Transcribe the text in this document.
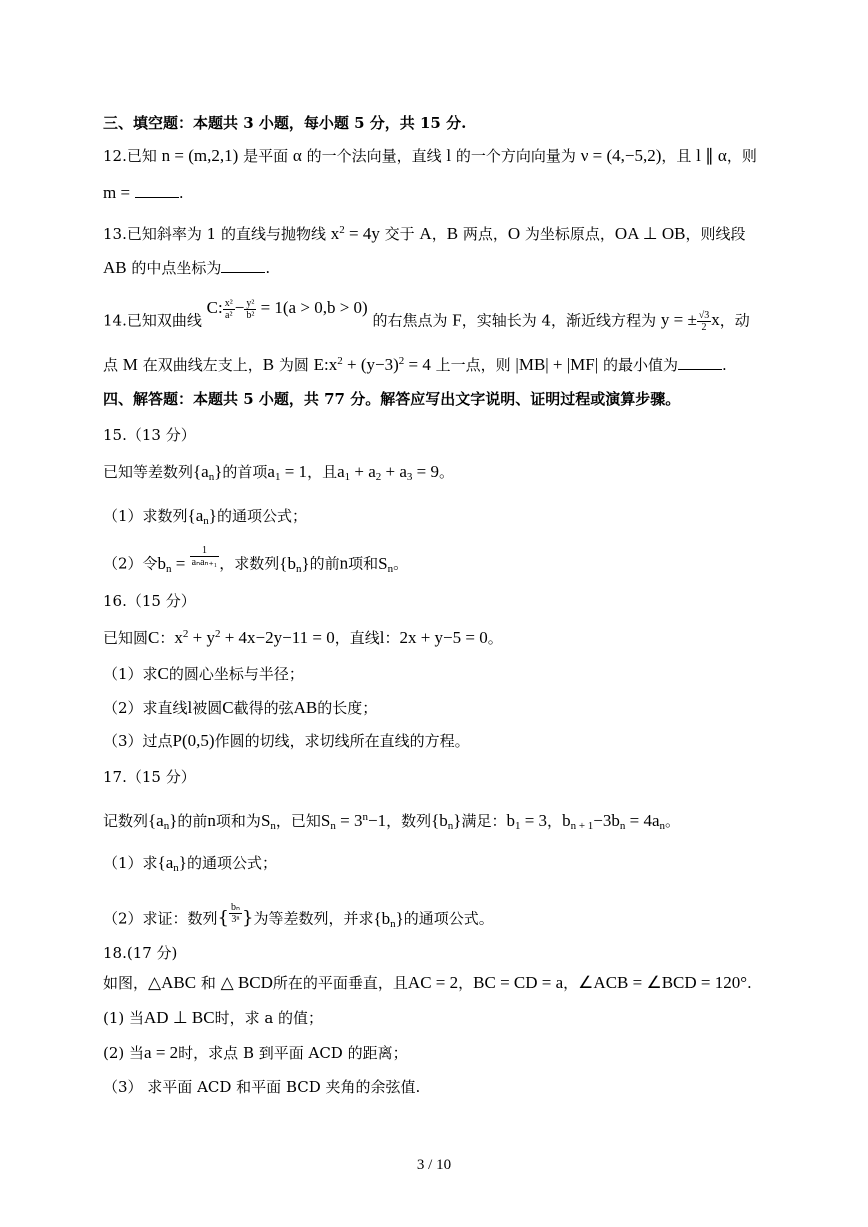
三、填空题：本题共 3 小题，每小题 5 分，共 15 分.
12.已知 n = (m,2,1) 是平面 α 的一个法向量，直线 l 的一个方向向量为 ν = (4,−5,2)，且 l ∥ α，则
m =	.
13.已知斜率为 1 的直线与抛物线 $x^2 = 4y$ 交于 A，B 两点，O 为坐标原点，OA ⊥ OB，则线段
AB 的中点坐标为	.
14.已知双曲线 C: $\frac{\text{x²}}{\text{a²}} - \frac{\text{y²}}{\text{b²}} = 1(a > 0,b > 0)$ 的右焦点为 F，实轴长为 4，渐近线方程为 y = ± $\frac{√3}{2}$ x，动
点 M 在双曲线左支上，B 为圆 $E:x^2 + (y-3)^2 = 4$ 上一点，则 |MB| + |MF| 的最小值为	.
四、解答题：本题共 5 小题，共 77 分。解答应写出文字说明、证明过程或演算步骤。
15.（13 分）
已知等差数列$\{a_n\}$的首项$a_1 = 1$，且$a_1 + a_2 + a_3 = 9$。
（1）求数列$\{a_n\}$的通项公式；
（2）令$b_n = \frac{1}{\text{aₙaₙ₊₁}}$ ，求数列$\{b_n\}$的前n项和$S_n$。
16.（15 分）
已知圆C：$x^2 + y^2 + 4x-2y-11 = 0$，直线l：2x + y−5 = 0。
（1）求C的圆心坐标与半径；
（2）求直线l被圆C截得的弦AB的长度；
（3）过点P(0,5)作圆的切线，求切线所在直线的方程。
17.（15 分）
记数列$\{a_n\}$的前n项和为$S_n$，已知$S_n = 3^n-1$，数列$\{b_n\}$满足：$b_1 = 3$，$b_{n + 1}-3b_n = 4a_n$。
（1）求$\{a_n\}$的通项公式；
（2）求证：数列{ $\frac{\text{bₙ}}{\text{3ⁿ}}$ }为等差数列，并求$\{b_n\}$的通项公式。
18.(17 分)
如图，△ABC 和 △ BCD所在的平面垂直，且AC = 2，BC = CD = a，∠ACB = ∠BCD = 120°.
(1) 当AD ⊥ BC时，求 a 的值；
(2) 当a = 2时，求点 B 到平面 ACD 的距离；
（3） 求平面 ACD 和平面 BCD 夹角的余弦值.
3 / 10
